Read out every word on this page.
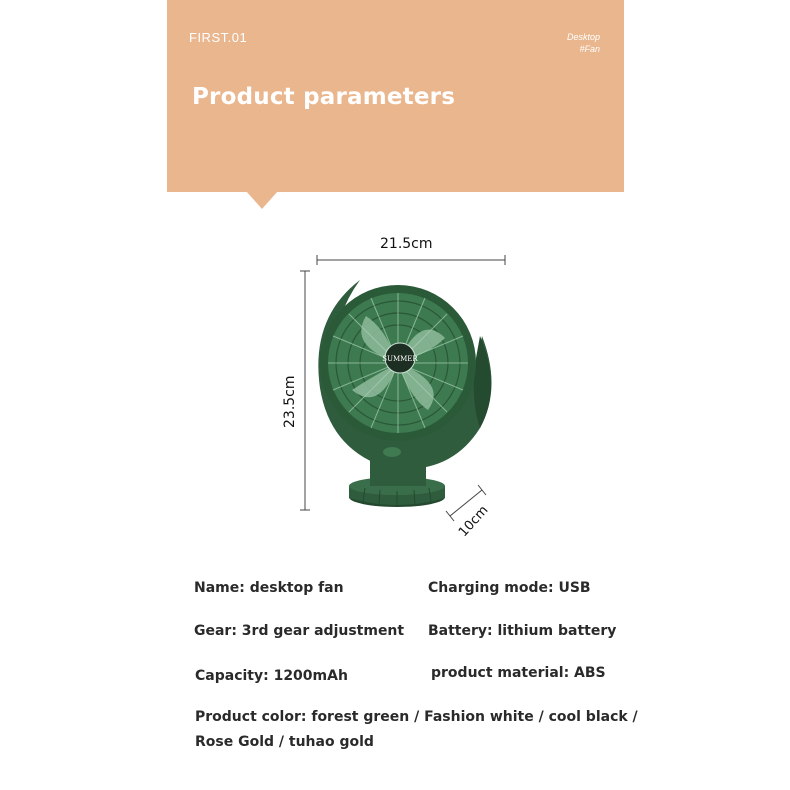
FIRST.01	Desktop
#Fan
Product parameters
SUMMER
21.5cm
23.5cm
10cm
Name: desktop fan	Charging mode: USB
Gear: 3rd gear adjustment Battery: lithium battery
Capacity: 1200mAh	product material: ABS
Product color: forest green / Fashion white / cool black /
Rose Gold / tuhao gold
